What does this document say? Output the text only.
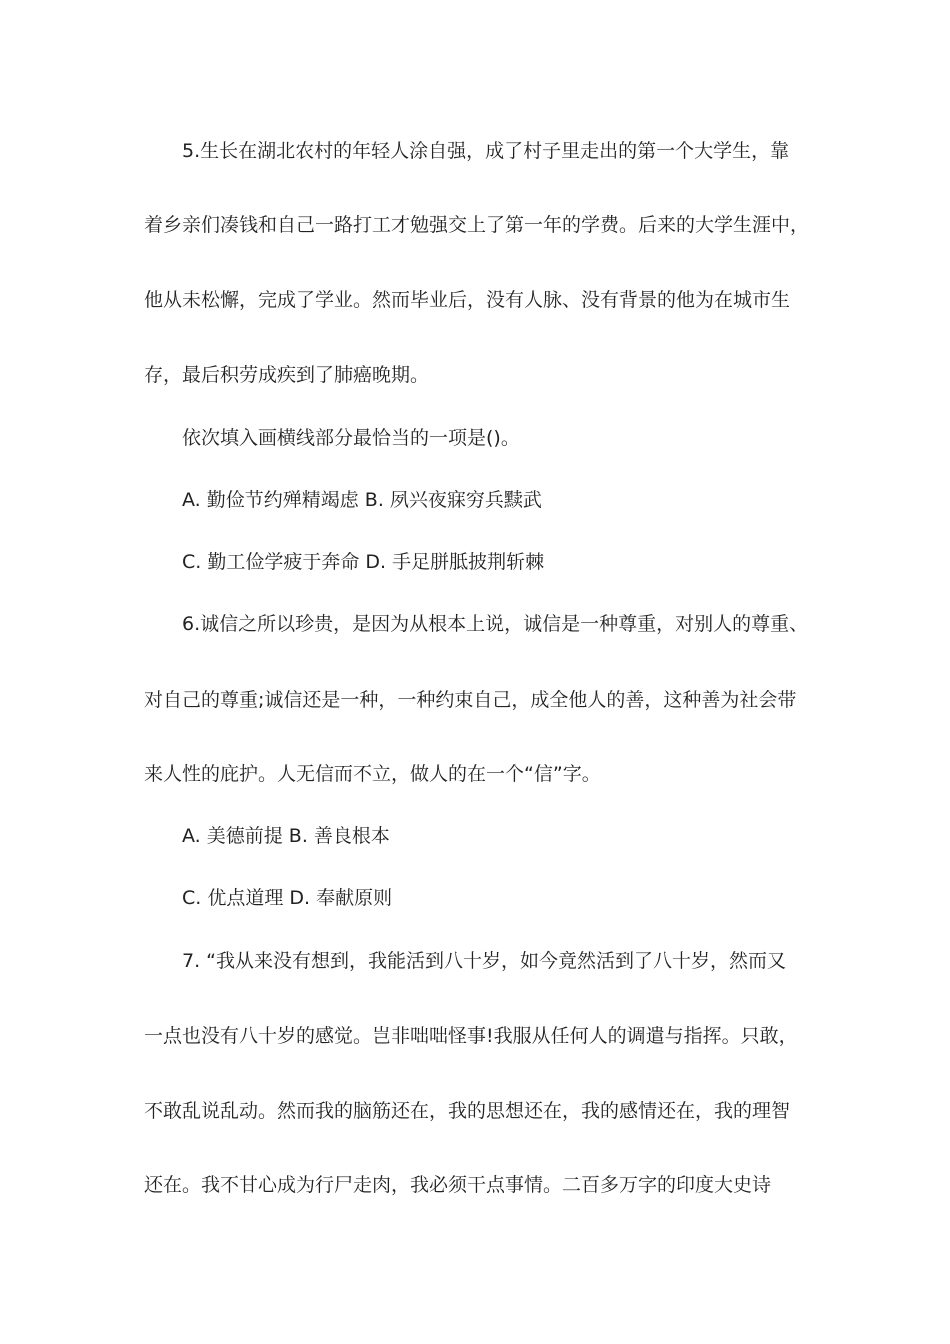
5.生长在湖北农村的年轻人涂自强，成了村子里走出的第一个大学生，靠
着乡亲们凑钱和自己一路打工才勉强交上了第一年的学费。后来的大学生涯中，
他从未松懈，完成了学业。然而毕业后，没有人脉、没有背景的他为在城市生
存，最后积劳成疾到了肺癌晚期。
依次填入画横线部分最恰当的一项是()。
A. 勤俭节约殚精竭虑 B. 夙兴夜寐穷兵黩武
C. 勤工俭学疲于奔命 D. 手足胼胝披荆斩棘
6.诚信之所以珍贵，是因为从根本上说，诚信是一种尊重，对别人的尊重、
对自己的尊重;诚信还是一种，一种约束自己，成全他人的善，这种善为社会带
来人性的庇护。人无信而不立，做人的在一个“信”字。
A. 美德前提 B. 善良根本
C. 优点道理 D. 奉献原则
7. “我从来没有想到，我能活到八十岁，如今竟然活到了八十岁，然而又
一点也没有八十岁的感觉。岂非咄咄怪事!我服从任何人的调遣与指挥。只敢，
不敢乱说乱动。然而我的脑筋还在，我的思想还在，我的感情还在，我的理智
还在。我不甘心成为行尸走肉，我必须干点事情。二百多万字的印度大史诗
